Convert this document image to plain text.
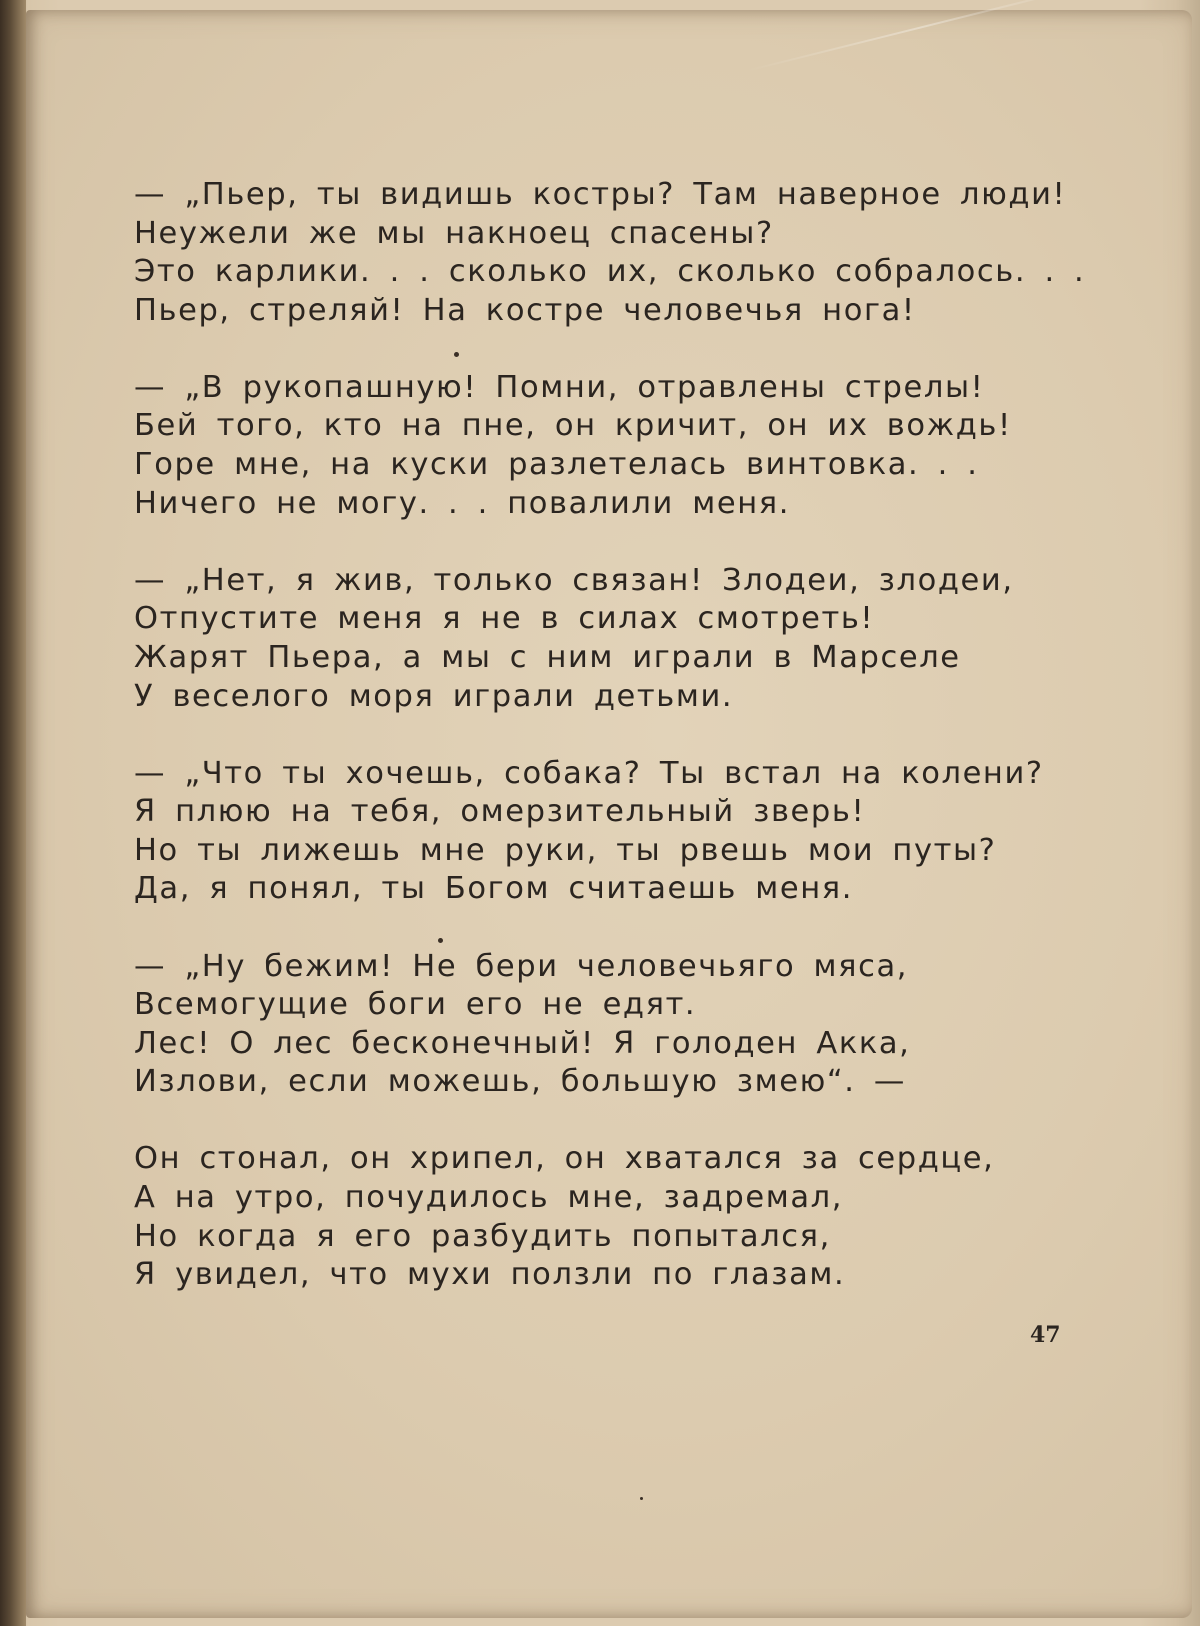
— „Пьер, ты видишь костры? Там наверное люди!
Неужели же мы накноец спасены?
Это карлики. . . сколько их, сколько собралось. . .
Пьер, стреляй! На костре человечья нога!
— „В рукопашную! Помни, отравлены стрелы!
Бей того, кто на пне, он кричит, он их вождь!
Горе мне, на куски разлетелась винтовка. . .
Ничего не могу. . . повалили меня.
— „Нет, я жив, только связан! Злодеи, злодеи,
Отпустите меня я не в силах смотреть!
Жарят Пьера, а мы с ним играли в Марселе
У веселого моря играли детьми.
— „Что ты хочешь, собака? Ты встал на колени?
Я плюю на тебя, омерзительный зверь!
Но ты лижешь мне руки, ты рвешь мои путы?
Да, я понял, ты Богом считаешь меня.
— „Ну бежим! Не бери человечьяго мяса,
Всемогущие боги его не едят.
Лес! О лес бесконечный! Я голоден Акка,
Излови, если можешь, большую змею“. —
Он стонал, он хрипел, он хватался за сердце,
А на утро, почудилось мне, задремал,
Но когда я его разбудить попытался,
Я увидел, что мухи ползли по глазам.
47
